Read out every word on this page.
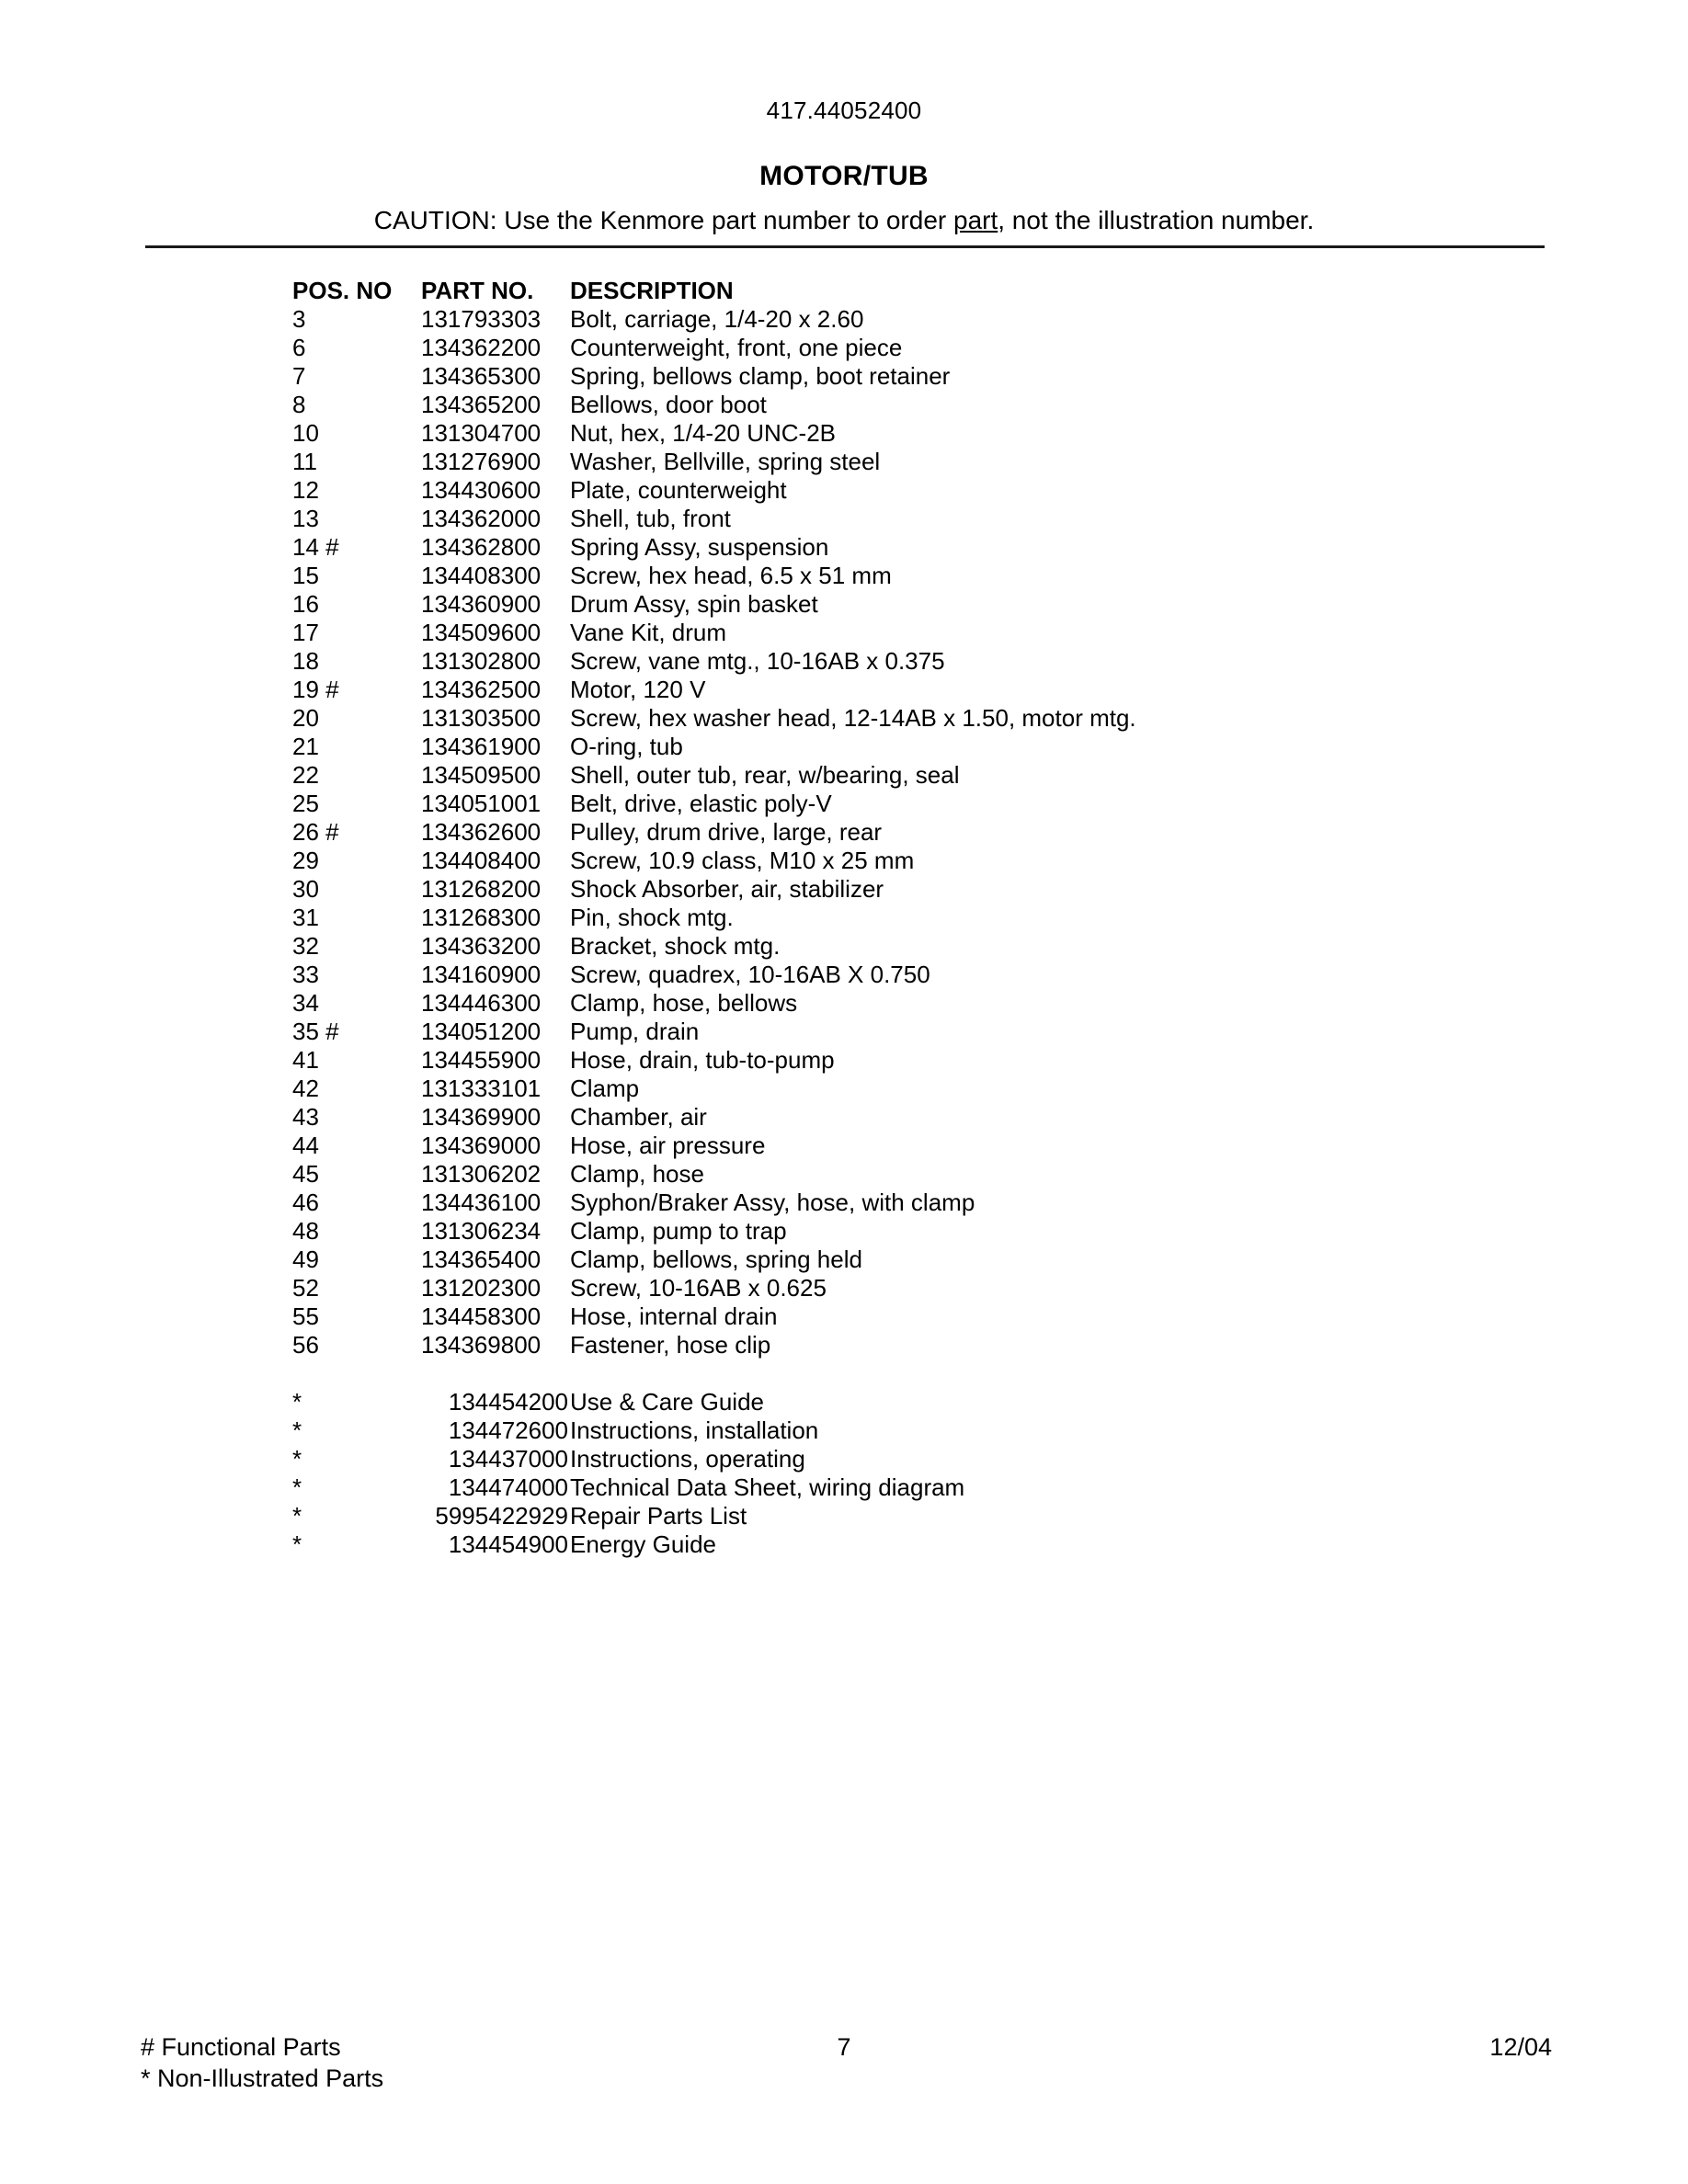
417.44052400
MOTOR/TUB
CAUTION: Use the Kenmore part number to order part, not the illustration number.
POS. NO	PART NO.	DESCRIPTION
3	131793303	Bolt, carriage, 1/4-20 x 2.60
6	134362200	Counterweight, front, one piece
7	134365300	Spring, bellows clamp, boot retainer
8	134365200	Bellows, door boot
10	131304700	Nut, hex, 1/4-20 UNC-2B
11	131276900	Washer, Bellville, spring steel
12	134430600	Plate, counterweight
13	134362000	Shell, tub, front
14 #	134362800	Spring Assy, suspension
15	134408300	Screw, hex head, 6.5 x 51 mm
16	134360900	Drum Assy, spin basket
17	134509600	Vane Kit, drum
18	131302800	Screw, vane mtg., 10-16AB x 0.375
19 #	134362500	Motor, 120 V
20	131303500	Screw, hex washer head, 12-14AB x 1.50, motor mtg.
21	134361900	O-ring, tub
22	134509500	Shell, outer tub, rear, w/bearing, seal
25	134051001	Belt, drive, elastic poly-V
26 #	134362600	Pulley, drum drive, large, rear
29	134408400	Screw, 10.9 class, M10 x 25 mm
30	131268200	Shock Absorber, air, stabilizer
31	131268300	Pin, shock mtg.
32	134363200	Bracket, shock mtg.
33	134160900	Screw, quadrex, 10-16AB X 0.750
34	134446300	Clamp, hose, bellows
35 #	134051200	Pump, drain
41	134455900	Hose, drain, tub-to-pump
42	131333101	Clamp
43	134369900	Chamber, air
44	134369000	Hose, air pressure
45	131306202	Clamp, hose
46	134436100	Syphon/Braker Assy, hose, with clamp
48	131306234	Clamp, pump to trap
49	134365400	Clamp, bellows, spring held
52	131202300	Screw, 10-16AB x 0.625
55	134458300	Hose, internal drain
56	134369800	Fastener, hose clip
*	134454200 Use & Care Guide
*	134472600 Instructions, installation
*	134437000 Instructions, operating
*	134474000 Technical Data Sheet, wiring diagram
*	5995422929 Repair Parts List
*	134454900 Energy Guide
# Functional Parts
* Non-Illustrated Parts
7	12/04
